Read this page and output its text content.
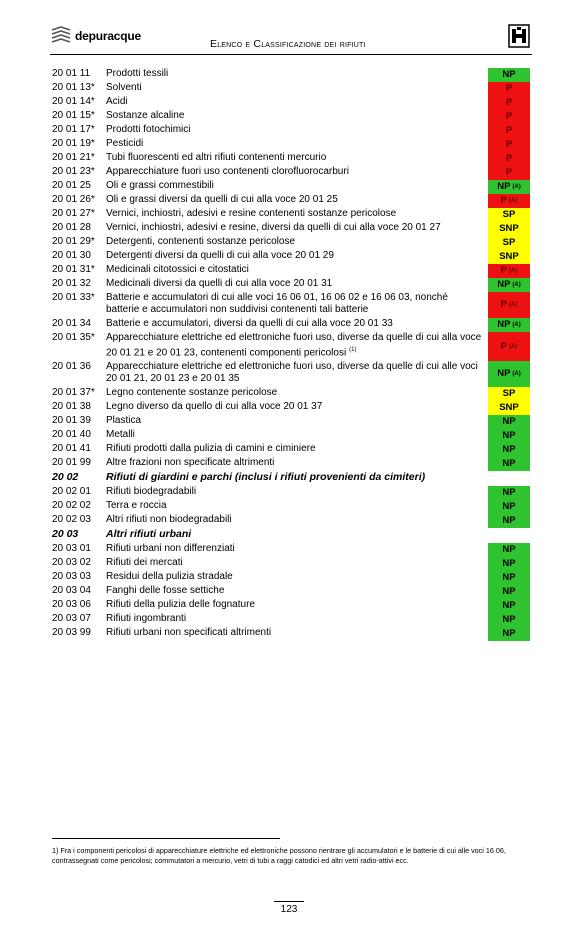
depuracque
Elenco e Classificazione dei rifiuti
20 01 11	Prodotti tessili	NP
20 01 13*	Solventi	P
20 01 14*	Acidi	P
20 01 15*	Sostanze alcaline	P
20 01 17*	Prodotti fotochimici	P
20 01 19*	Pesticidi	P
20 01 21*	Tubi fluorescenti ed altri rifiuti contenenti mercurio	P
20 01 23*	Apparecchiature fuori uso contenenti clorofluorocarburi	P
20 01 25	Oli e grassi commestibili	NP (A)
20 01 26*	Oli e grassi diversi da quelli di cui alla voce 20 01 25	P (A)
20 01 27*	Vernici, inchiostri, adesivi e resine contenenti sostanze pericolose	SP
20 01 28	Vernici, inchiostri, adesivi e resine, diversi da quelli di cui alla voce 20 01 27	SNP
20 01 29*	Detergenti, contenenti sostanze pericolose	SP
20 01 30	Detergenti diversi da quelli di cui alla voce 20 01 29	SNP
20 01 31*	Medicinali citotossici e citostatici	P (A)
20 01 32	Medicinali diversi da quelli di cui alla voce 20 01 31	NP (A)
20 01 33*	Batterie e accumulatori di cui alle voci 16 06 01, 16 06 02 e 16 06 03, nonché batterie e accumulatori non suddivisi contenenti tali batterie	P (A)
20 01 34	Batterie e accumulatori, diversi da quelli di cui alla voce 20 01 33	NP (A)
20 01 35*	Apparecchiature elettriche ed elettroniche fuori uso, diverse da quelle di cui alla voce 20 01 21 e 20 01 23, contenenti componenti pericolosi $^{(1)}$	P (A)
20 01 36	Apparecchiature elettriche ed elettroniche fuori uso, diverse da quelle di cui alle voci 20 01 21, 20 01 23 e 20 01 35	NP (A)
20 01 37*	Legno contenente sostanze pericolose	SP
20 01 38	Legno diverso da quello di cui alla voce 20 01 37	SNP
20 01 39	Plastica	NP
20 01 40	Metalli	NP
20 01 41	Rifiuti prodotti dalla pulizia di camini e ciminiere	NP
20 01 99	Altre frazioni non specificate altrimenti	NP
20 02	Rifiuti di giardini e parchi (inclusi i rifiuti provenienti da cimiteri)
20 02 01	Rifiuti biodegradabili	NP
20 02 02	Terra e roccia	NP
20 02 03	Altri rifiuti non biodegradabili	NP
20 03	Altri rifiuti urbani
20 03 01	Rifiuti urbani non differenziati	NP
20 03 02	Rifiuti dei mercati	NP
20 03 03	Residui della pulizia stradale	NP
20 03 04	Fanghi delle fosse settiche	NP
20 03 06	Rifiuti della pulizia delle fognature	NP
20 03 07	Rifiuti ingombranti	NP
20 03 99	Rifiuti urbani non specificati altrimenti	NP
1) Fra i componenti pericolosi di apparecchiature elettriche ed elettroniche possono rientrare gli accumulatori e le batterie di cui alle voci 16 06, contrassegnati come pericolosi; commutatori a mercurio, vetri di tubi a raggi catodici ed altri vetri radio-attivi ecc.
123
